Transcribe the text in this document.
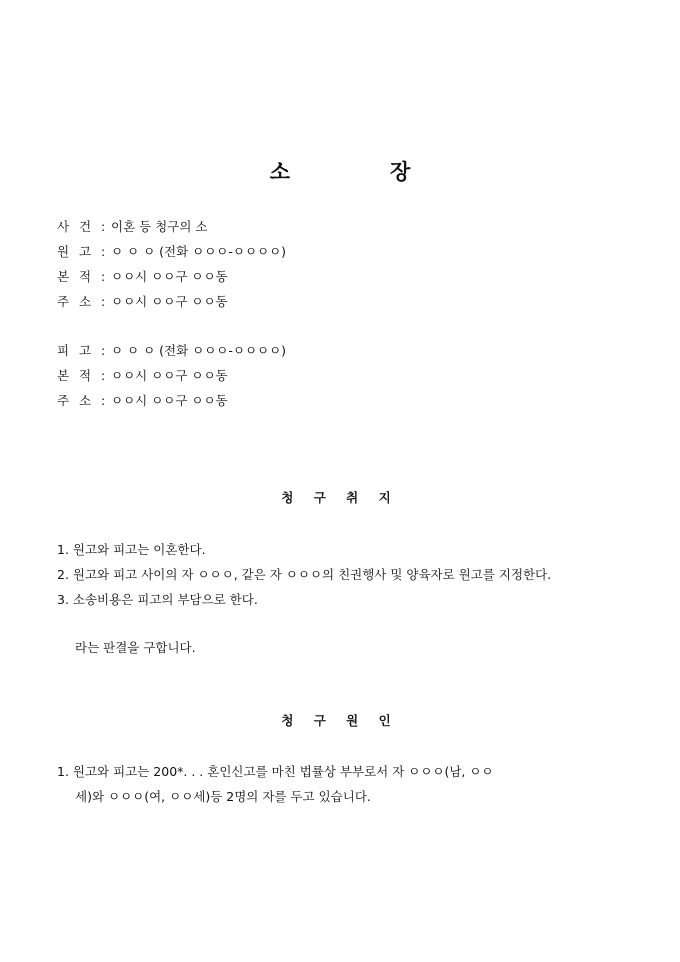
소	장
사 건 : 이혼 등 청구의 소
원 고 : ㅇ ㅇ ㅇ (전화 ㅇㅇㅇ-ㅇㅇㅇㅇ)
본 적 : ㅇㅇ시 ㅇㅇ구 ㅇㅇ동
주 소 : ㅇㅇ시 ㅇㅇ구 ㅇㅇ동
피 고 : ㅇ ㅇ ㅇ (전화 ㅇㅇㅇ-ㅇㅇㅇㅇ)
본 적 : ㅇㅇ시 ㅇㅇ구 ㅇㅇ동
주 소 : ㅇㅇ시 ㅇㅇ구 ㅇㅇ동
청 구 취 지
1. 원고와 피고는 이혼한다.
2. 원고와 피고 사이의 자 ㅇㅇㅇ, 같은 자 ㅇㅇㅇ의 친권행사 및 양육자로 원고를 지정한다.
3. 소송비용은 피고의 부담으로 한다.
라는 판결을 구합니다.
청 구 원 인
1. 원고와 피고는 200*. . . 혼인신고를 마친 법률상 부부로서 자 ㅇㅇㅇ(남, ㅇㅇ
세)와 ㅇㅇㅇ(여, ㅇㅇ세)등 2명의 자를 두고 있습니다.
